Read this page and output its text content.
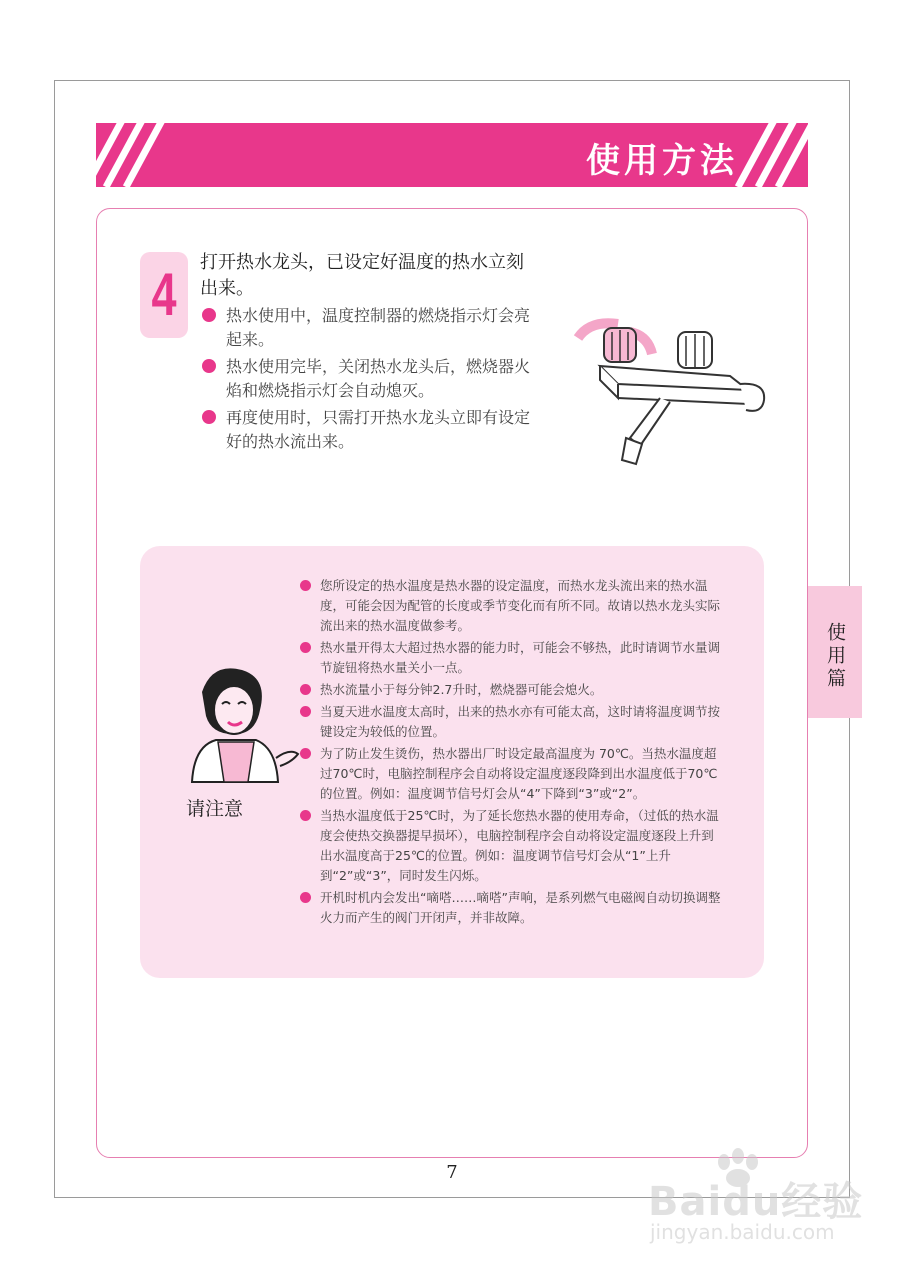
使用方法
4	打开热水龙头，已设定好温度的热水立刻出来。
热水使用中，温度控制器的燃烧指示灯会亮起来。
热水使用完毕，关闭热水龙头后，燃烧器火焰和燃烧指示灯会自动熄灭。
再度使用时，只需打开热水龙头立即有设定好的热水流出来。
请注意
您所设定的热水温度是热水器的设定温度，而热水龙头流出来的热水温度，可能会因为配管的长度或季节变化而有所不同。故请以热水龙头实际流出来的热水温度做参考。
热水量开得太大超过热水器的能力时，可能会不够热，此时请调节水量调节旋钮将热水量关小一点。
热水流量小于每分钟2.7升时，燃烧器可能会熄火。
当夏天进水温度太高时，出来的热水亦有可能太高，这时请将温度调节按键设定为较低的位置。
为了防止发生烫伤，热水器出厂时设定最高温度为 70℃。当热水温度超过70℃时，电脑控制程序会自动将设定温度逐段降到出水温度低于70℃的位置。例如：温度调节信号灯会从“4”下降到“3”或“2”。
当热水温度低于25℃时，为了延长您热水器的使用寿命，（过低的热水温度会使热交换器提早损坏），电脑控制程序会自动将设定温度逐段上升到出水温度高于25℃的位置。例如：温度调节信号灯会从“1”上升到“2”或“3”，同时发生闪烁。
开机时机内会发出“嘀嗒……嘀嗒”声响，是系列燃气电磁阀自动切换调整火力而产生的阀门开闭声，并非故障。
使用篇
7
Baidu经验
jingyan.baidu.com
